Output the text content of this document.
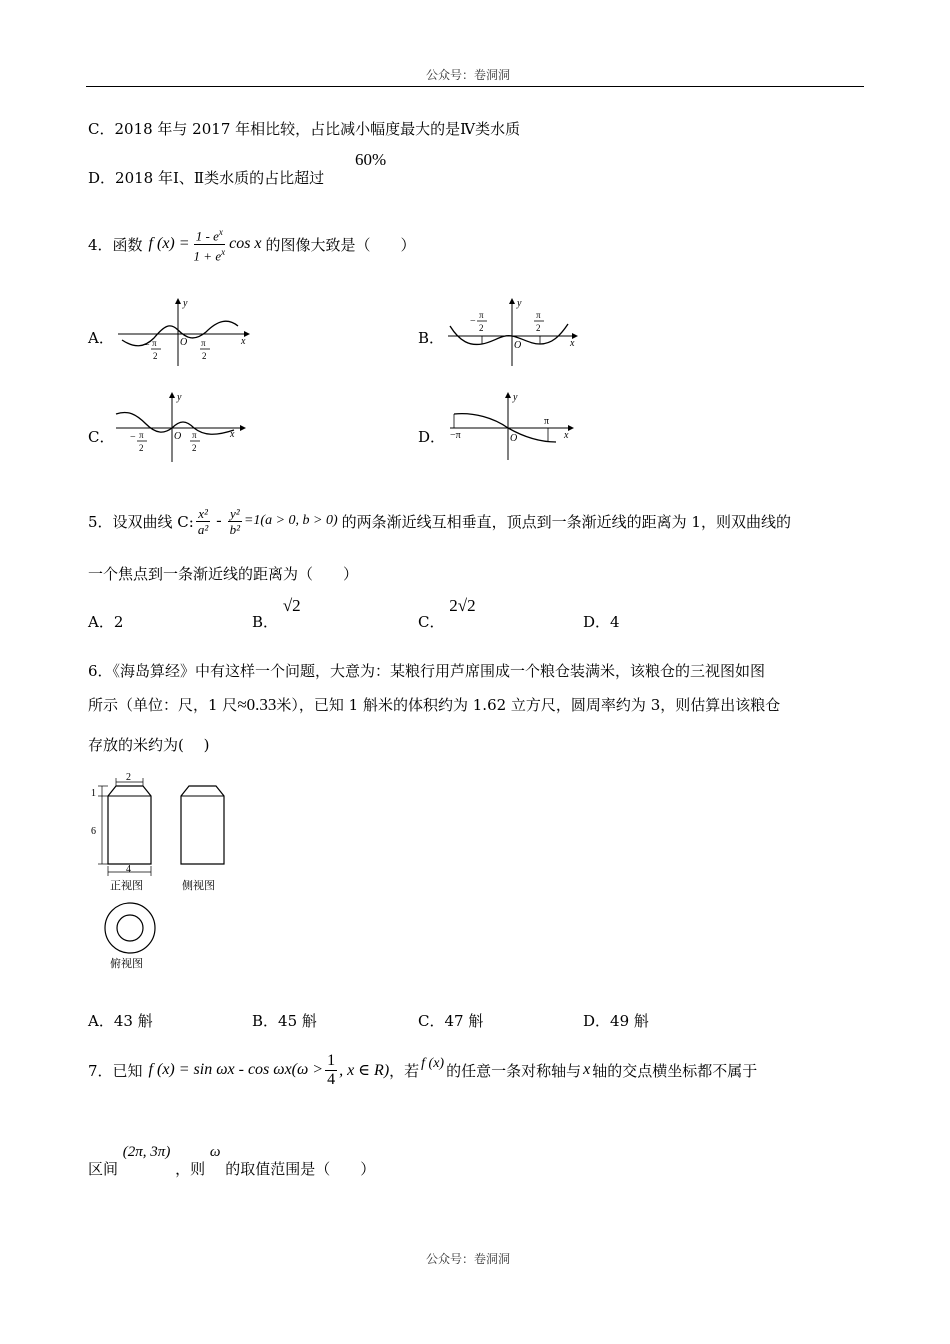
公众号：卷洞洞
C．2018 年与 2017 年相比较，占比减小幅度最大的是Ⅳ类水质
D．2018 年Ⅰ、Ⅱ类水质的占比超过
60%
4．函数 f $(x) = \frac{1 - e^x}{1 + e^x}$ cos x 的图像大致是（　　）
A．	B．
C．	D．
y
x
O
− π
2
π
2
y
x
O
−
π
2
π
2
y
x
O
− π
2
π
2
y
x
O
−π
π
5．设双曲线 C: $\frac{\text{x²}}{\text{a²}} - \frac{\text{y²}}{\text{b²}} =1(a > 0$, b > 0) 的两条渐近线互相垂直，顶点到一条渐近线的距离为 1，则双曲线的
一个焦点到一条渐近线的距离为（　　）
A．2	B． √2
C． 2√2
D．4
6．《海岛算经》中有这样一个问题，大意为：某粮行用芦席围成一个粮仓装满米，该粮仓的三视图如图
所示（单位：尺，1 尺 ≈0.33 米），已知 1 斛米的体积约为 1.62 立方尺，圆周率约为 3，则估算出该粮仓
存放的米约为(　 )
2
1
6
4
正视图	侧视图
俯视图
A．43 斛	B．45 斛	C．47 斛	D．49 斛
7．已知 f $(x) = \sin \omega x - \cos \omega x(\omega > \frac{1}{4}$ , x ∈ R) ，若 f (x) 的任意一条对称轴与 x 轴的交点横坐标都不属于
区间 (2π, 3π) ，则 ω 的取值范围是（　　）
公众号：卷洞洞
